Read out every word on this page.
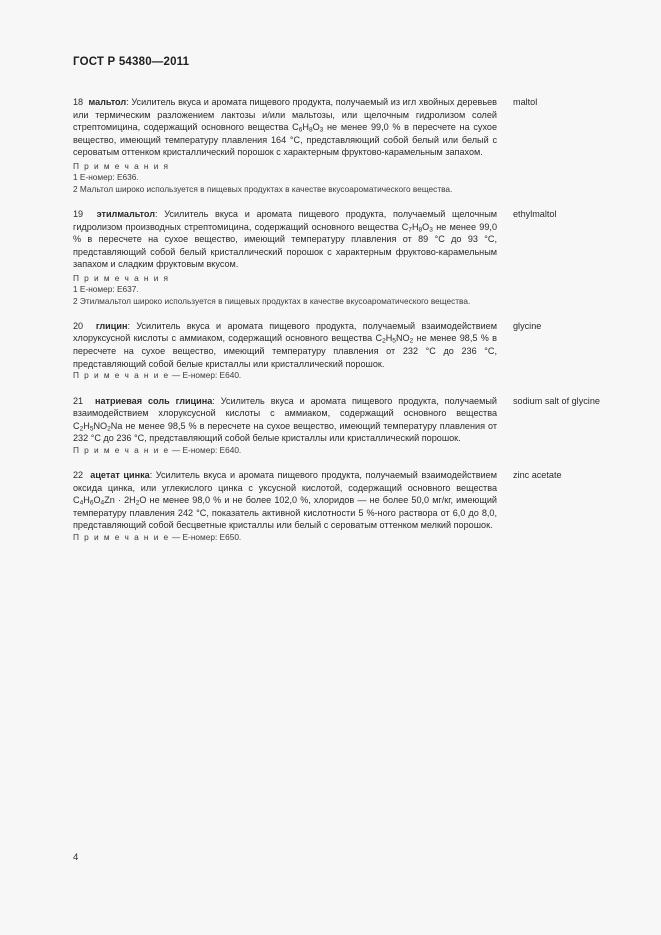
ГОСТ Р 54380—2011

18 мальтол: Усилитель вкуса и аромата пищевого продукта, получаемый из игл хвойных деревьев или термическим разложением лактозы и/или мальтозы, или щелочным гидролизом солей стрептомицина, содержащий основного вещества $C_6H_8O_3$ не менее 99,0 % в пересчете на сухое вещество, имеющий температуру плавления 164 °C, представляющий собой белый или белый с сероватым оттенком кристаллический порошок с характерным фруктово-карамельным запахом.

П р и м е ч а н и я

1 Е-номер: Е636.

2 Мальтол широко используется в пищевых продуктах в качестве вкусоароматического вещества.

maltol

19 этилмальтол: Усилитель вкуса и аромата пищевого продукта, получаемый щелочным гидролизом производных стрептомицина, содержащий основного вещества $C_7H_8O_3$ не менее 99,0 % в пересчете на сухое вещество, имеющий температуру плавления от 89 °C до 93 °C, представляющий собой белый кристаллический порошок с характерным фруктово-карамельным запахом и сладким фруктовым вкусом.

П р и м е ч а н и я

1 Е-номер: Е637.

2 Этилмальтол широко используется в пищевых продуктах в качестве вкусоароматического вещества.

ethylmaltol

20 глицин: Усилитель вкуса и аромата пищевого продукта, получаемый взаимодействием хлоруксусной кислоты с аммиаком, содержащий основного вещества $C_2H_5NO_2$ не менее 98,5 % в пересчете на сухое вещество, имеющий температуру плавления от 232 °C до 236 °C, представляющий собой белые кристаллы или кристаллический порошок.

П р и м е ч а н и е — Е-номер: Е640.

glycine

21 натриевая соль глицина: Усилитель вкуса и аромата пищевого продукта, получаемый взаимодействием хлоруксусной кислоты с аммиаком, содержащий основного вещества $C_2H_5NO_2Na$ не менее 98,5 % в пересчете на сухое вещество, имеющий температуру плавления от 232 °C до 236 °C, представляющий собой белые кристаллы или кристаллический порошок.

П р и м е ч а н и е — Е-номер: Е640.

sodium salt of glycine

22 ацетат цинка: Усилитель вкуса и аромата пищевого продукта, получаемый взаимодействием оксида цинка, или углекислого цинка с уксусной кислотой, содержащий основного вещества $C_4H_6O_4Zn \cdot 2H_2O$ не менее 98,0 % и не более 102,0 %, хлоридов — не более 50,0 мг/кг, имеющий температуру плавления 242 °C, показатель активной кислотности 5 %-ного раствора от 6,0 до 8,0, представляющий собой бесцветные кристаллы или белый с сероватым оттенком мелкий порошок.

П р и м е ч а н и е — Е-номер: Е650.

zinc acetate
4
